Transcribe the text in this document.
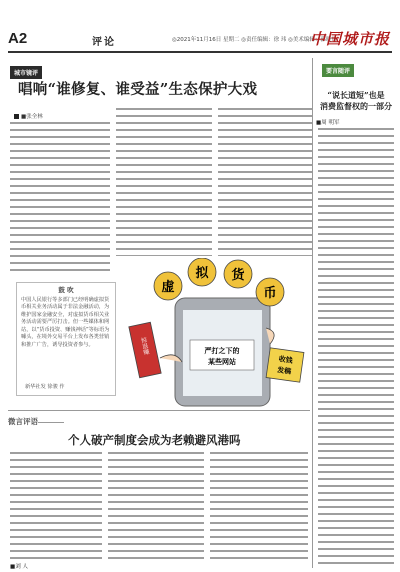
A2	评论	◎2021年11月16日 星期二 ◎责任编辑：徐 玮 ◎美术编辑：郭晓丹
中国城市报
城市镜评
唱响“谁修复、谁受益”生态保护大戏
■张全林
要言随评
“说长道短”也是
消费监督权的一部分
■周 明军
鼓 吹
中国人民银行等多部门已经明确虚拟货币相关业务活动属于非法金融活动，为维护国家金融安全，对虚拟货币相关业务活动需要严厉打击。但一些媒体和网站，以“货币投资、赚钱神话”等标语为噱头，在境外交易平台上发布各类营销和推广广告，诱导投资者参与。
新华社发 徐骏 作
虚
拟 货
币
惊退赚	严打之下的
某些网站	收钱
发稿
微言评语
个人破产制度会成为老赖避风港吗
■刘 人
